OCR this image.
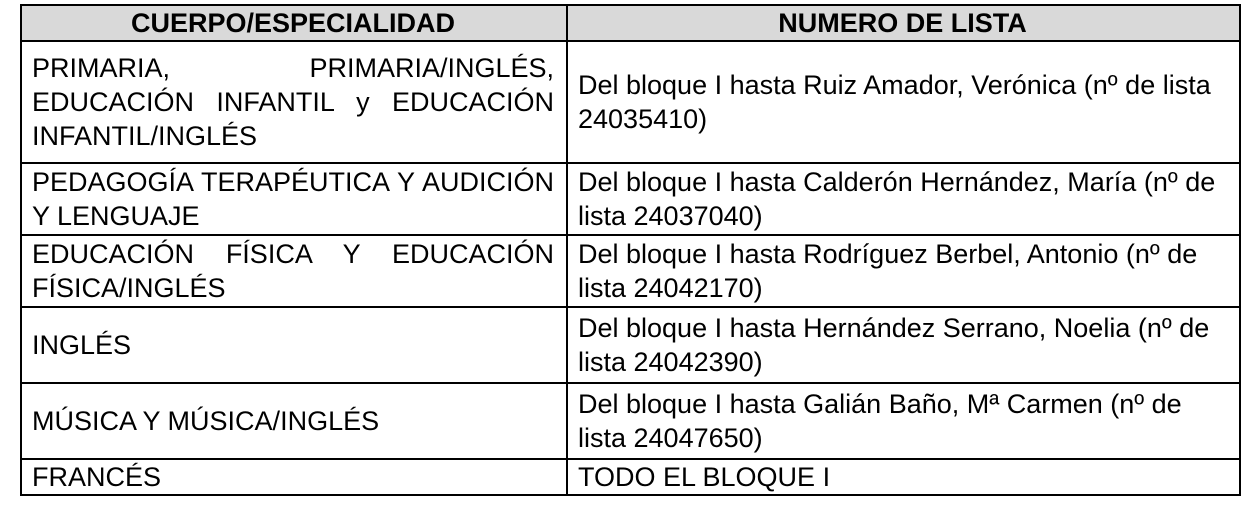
CUERPO/ESPECIALIDAD	NUMERO DE LISTA
PRIMARIA, PRIMARIA/INGLÉS, EDUCACIÓN INFANTIL y EDUCACIÓN INFANTIL/INGLÉS	Del bloque I hasta Ruiz Amador, Verónica (nº de lista 24035410)
PEDAGOGÍA TERAPÉUTICA Y AUDICIÓN Y LENGUAJE	Del bloque I hasta Calderón Hernández, María (nº de lista 24037040)
EDUCACIÓN FÍSICA Y EDUCACIÓN FÍSICA/INGLÉS	Del bloque I hasta Rodríguez Berbel, Antonio (nº de lista 24042170)
INGLÉS	Del bloque I hasta Hernández Serrano, Noelia (nº de lista 24042390)
MÚSICA Y MÚSICA/INGLÉS	Del bloque I hasta Galián Baño, Mª Carmen (nº de lista 24047650)
FRANCÉS	TODO EL BLOQUE I
